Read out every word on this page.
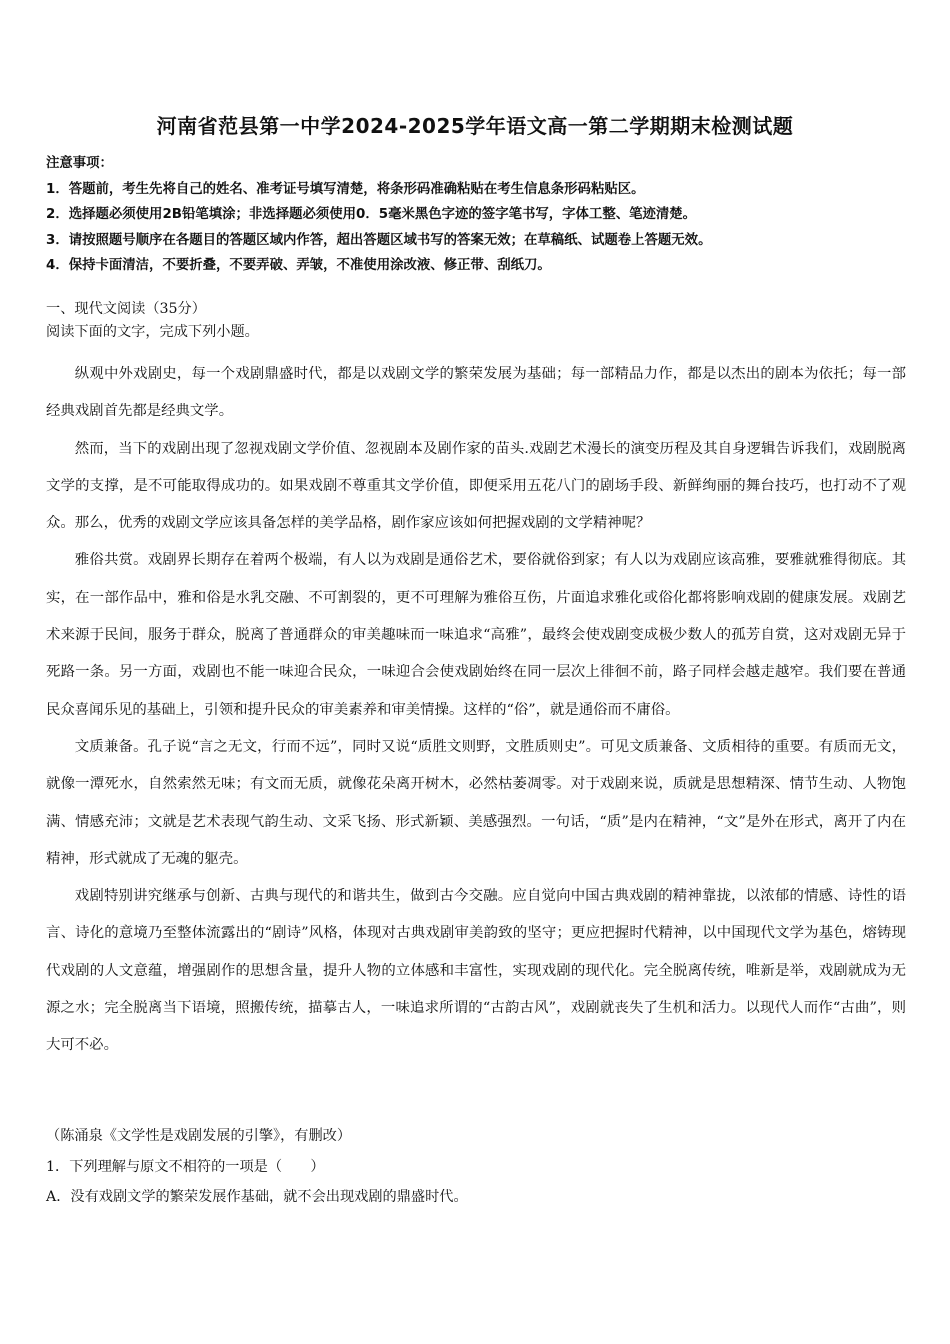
河南省范县第一中学2024-2025学年语文高一第二学期期末检测试题
注意事项：
1．答题前，考生先将自己的姓名、准考证号填写清楚，将条形码准确粘贴在考生信息条形码粘贴区。
2．选择题必须使用2B铅笔填涂；非选择题必须使用0．5毫米黑色字迹的签字笔书写，字体工整、笔迹清楚。
3．请按照题号顺序在各题目的答题区域内作答，超出答题区域书写的答案无效；在草稿纸、试题卷上答题无效。
4．保持卡面清洁，不要折叠，不要弄破、弄皱，不准使用涂改液、修正带、刮纸刀。
一、现代文阅读（35分）
阅读下面的文字，完成下列小题。

纵观中外戏剧史，每一个戏剧鼎盛时代，都是以戏剧文学的繁荣发展为基础；每一部精品力作，都是以杰出的剧本为依托；每一部经典戏剧首先都是经典文学。

然而，当下的戏剧出现了忽视戏剧文学价值、忽视剧本及剧作家的苗头.戏剧艺术漫长的演变历程及其自身逻辑告诉我们，戏剧脱离文学的支撑，是不可能取得成功的。如果戏剧不尊重其文学价值，即便采用五花八门的剧场手段、新鲜绚丽的舞台技巧，也打动不了观众。那么，优秀的戏剧文学应该具备怎样的美学品格，剧作家应该如何把握戏剧的文学精神呢？

雅俗共赏。戏剧界长期存在着两个极端，有人以为戏剧是通俗艺术，要俗就俗到家；有人以为戏剧应该高雅，要雅就雅得彻底。其实，在一部作品中，雅和俗是水乳交融、不可割裂的，更不可理解为雅俗互伤，片面追求雅化或俗化都将影响戏剧的健康发展。戏剧艺术来源于民间，服务于群众，脱离了普通群众的审美趣味而一味追求“高雅”，最终会使戏剧变成极少数人的孤芳自赏，这对戏剧无异于死路一条。另一方面，戏剧也不能一味迎合民众，一味迎合会使戏剧始终在同一层次上徘徊不前，路子同样会越走越窄。我们要在普通民众喜闻乐见的基础上，引领和提升民众的审美素养和审美情操。这样的“俗”，就是通俗而不庸俗。

文质兼备。孔子说“言之无文，行而不远”，同时又说“质胜文则野，文胜质则史”。可见文质兼备、文质相待的重要。有质而无文，就像一潭死水，自然索然无味；有文而无质，就像花朵离开树木，必然枯萎凋零。对于戏剧来说，质就是思想精深、情节生动、人物饱满、情感充沛；文就是艺术表现气韵生动、文采飞扬、形式新颖、美感强烈。一句话，“质”是内在精神，“文”是外在形式，离开了内在精神，形式就成了无魂的躯壳。

戏剧特别讲究继承与创新、古典与现代的和谐共生，做到古今交融。应自觉向中国古典戏剧的精神靠拢，以浓郁的情感、诗性的语言、诗化的意境乃至整体流露出的“剧诗”风格，体现对古典戏剧审美韵致的坚守；更应把握时代精神，以中国现代文学为基色，熔铸现代戏剧的人文意蕴，增强剧作的思想含量，提升人物的立体感和丰富性，实现戏剧的现代化。完全脱离传统，唯新是举，戏剧就成为无源之水；完全脱离当下语境，照搬传统，描摹古人，一味追求所谓的“古韵古风”，戏剧就丧失了生机和活力。以现代人而作“古曲”，则大可不必。

（陈涌泉《文学性是戏剧发展的引擎》，有删改）
1．下列理解与原文不相符的一项是（　　）
A．没有戏剧文学的繁荣发展作基础，就不会出现戏剧的鼎盛时代。
